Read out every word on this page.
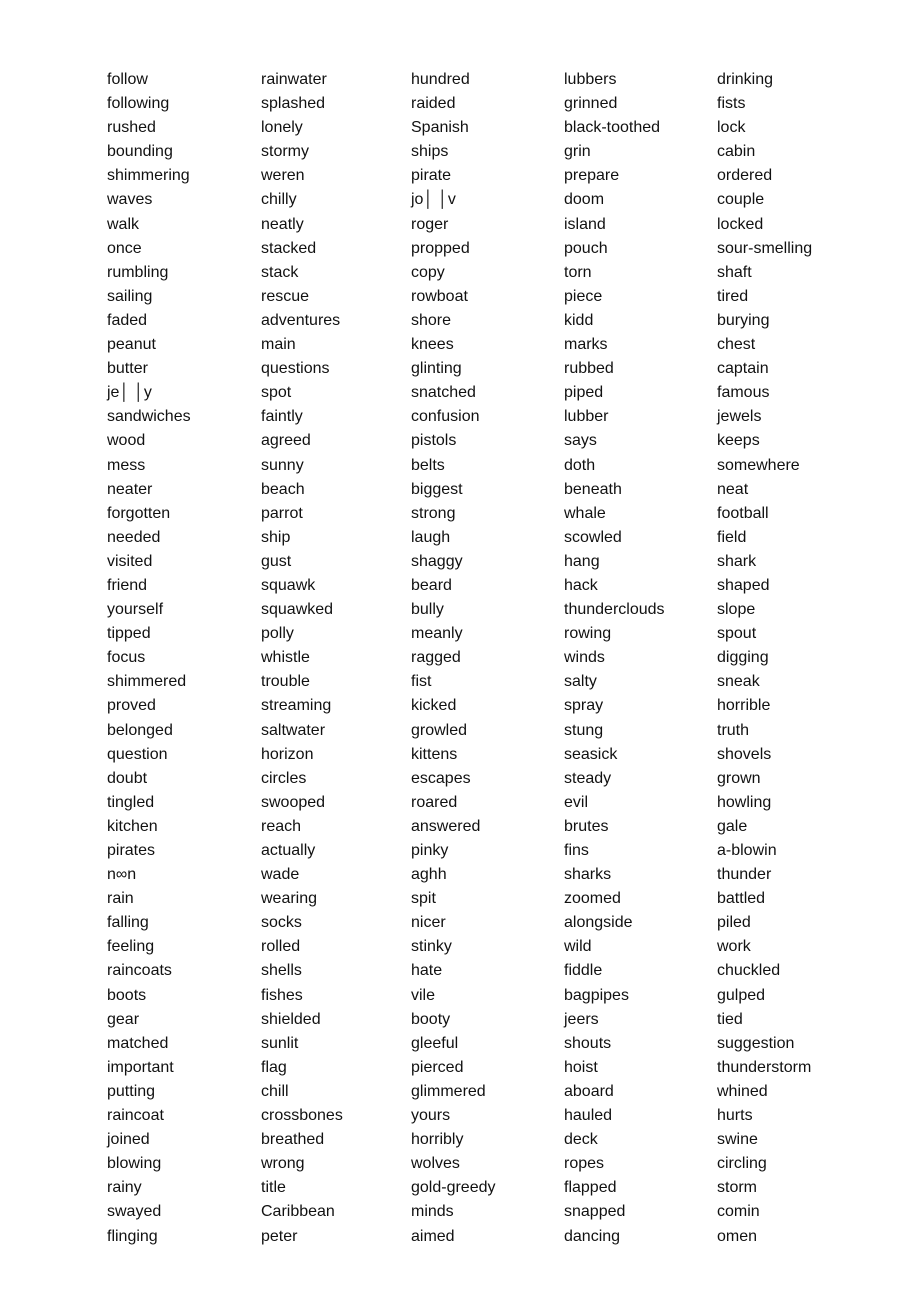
follow
following
rushed
bounding
shimmering
waves
walk
once
rumbling
sailing
faded
peanut
butter
je│ │y
sandwiches
wood
mess
neater
forgotten
needed
visited
friend
yourself
tipped
focus
shimmered
proved
belonged
question
doubt
tingled
kitchen
pirates
n∞n
rain
falling
feeling
raincoats
boots
gear
matched
important
putting
raincoat
joined
blowing
rainy
swayed
flinging
rainwater
splashed
lonely
stormy
weren
chilly
neatly
stacked
stack
rescue
adventures
main
questions
spot
faintly
agreed
sunny
beach
parrot
ship
gust
squawk
squawked
polly
whistle
trouble
streaming
saltwater
horizon
circles
swooped
reach
actually
wade
wearing
socks
rolled
shells
fishes
shielded
sunlit
flag
chill
crossbones
breathed
wrong
title
Caribbean
peter
hundred
raided
Spanish
ships
pirate
jo│ │v
roger
propped
copy
rowboat
shore
knees
glinting
snatched
confusion
pistols
belts
biggest
strong
laugh
shaggy
beard
bully
meanly
ragged
fist
kicked
growled
kittens
escapes
roared
answered
pinky
aghh
spit
nicer
stinky
hate
vile
booty
gleeful
pierced
glimmered
yours
horribly
wolves
gold-greedy
minds
aimed
lubbers
grinned
black-toothed
grin
prepare
doom
island
pouch
torn
piece
kidd
marks
rubbed
piped
lubber
says
doth
beneath
whale
scowled
hang
hack
thunderclouds
rowing
winds
salty
spray
stung
seasick
steady
evil
brutes
fins
sharks
zoomed
alongside
wild
fiddle
bagpipes
jeers
shouts
hoist
aboard
hauled
deck
ropes
flapped
snapped
dancing
drinking
fists
lock
cabin
ordered
couple
locked
sour-smelling
shaft
tired
burying
chest
captain
famous
jewels
keeps
somewhere
neat
football
field
shark
shaped
slope
spout
digging
sneak
horrible
truth
shovels
grown
howling
gale
a-blowin
thunder
battled
piled
work
chuckled
gulped
tied
suggestion
thunderstorm
whined
hurts
swine
circling
storm
comin
omen
